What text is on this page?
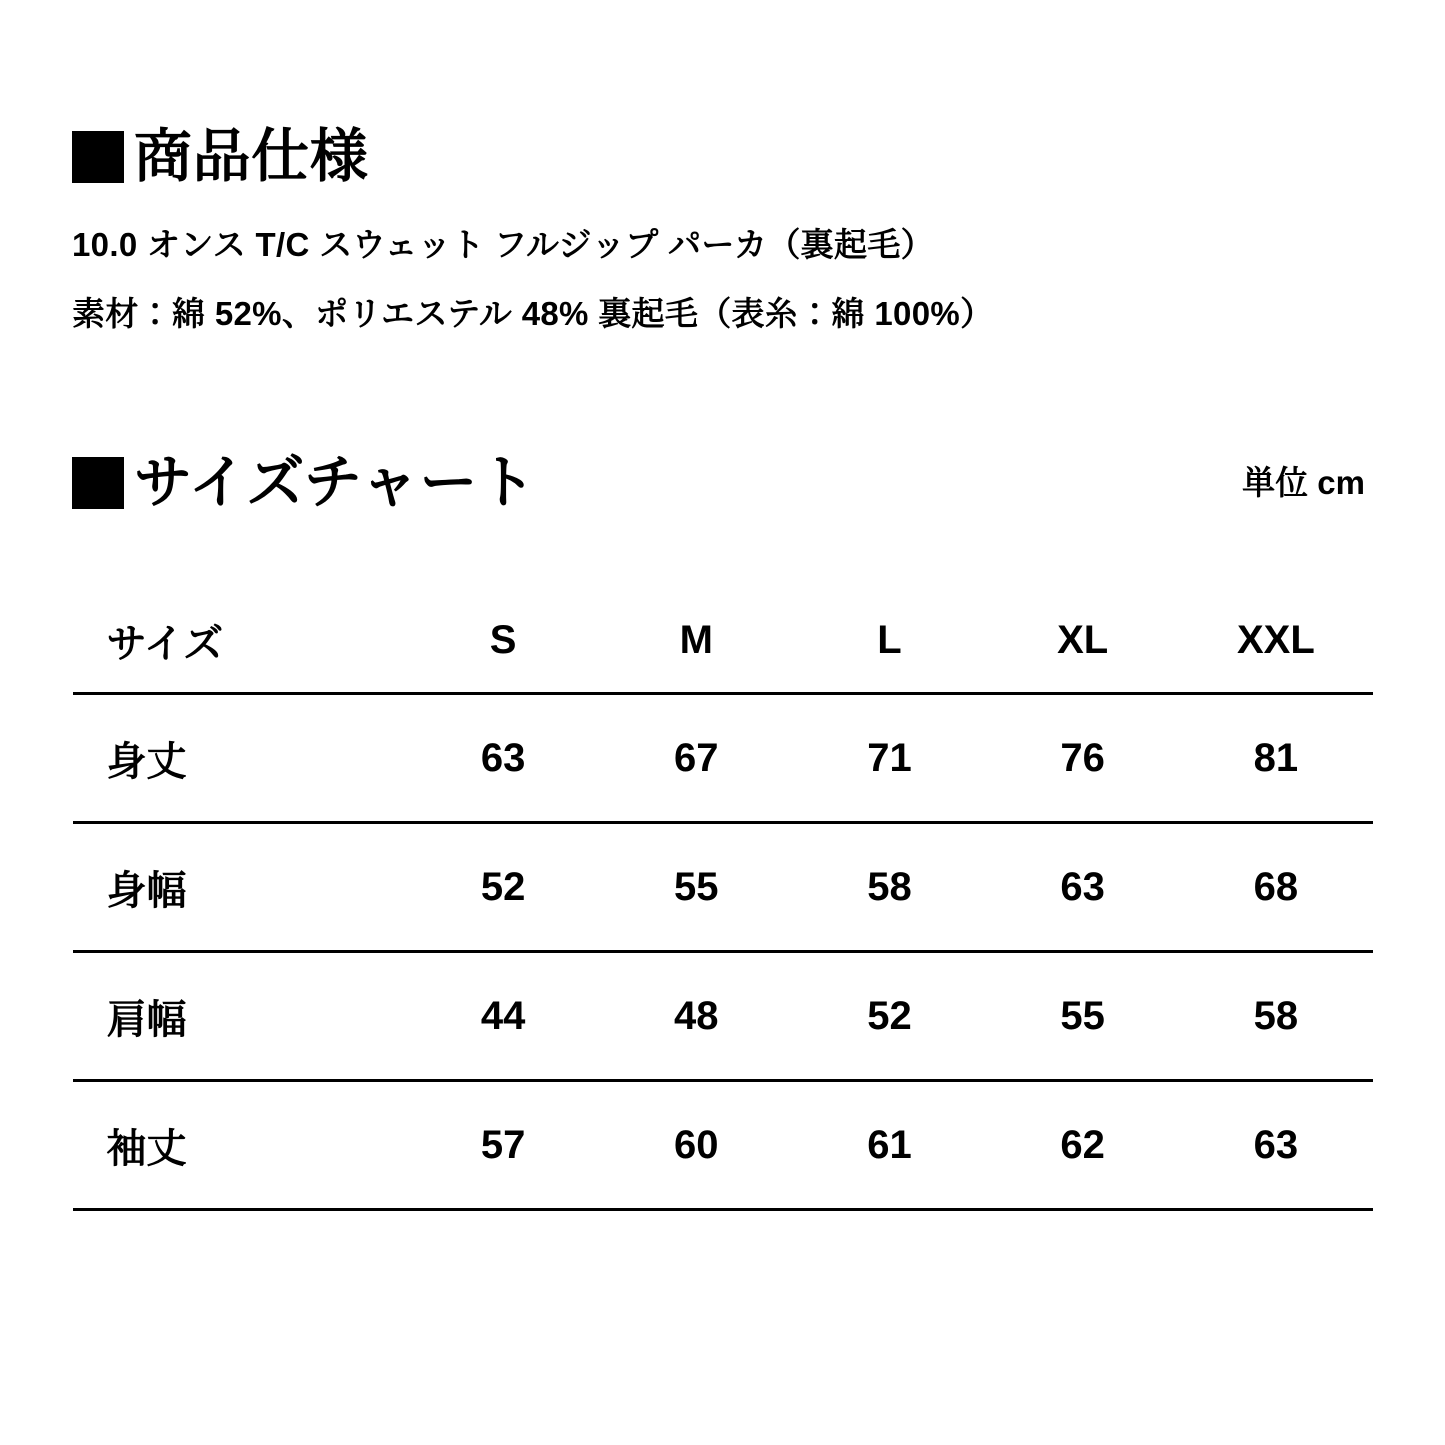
商品仕様
10.0 オンス T/C スウェット フルジップ パーカ（裏起毛）
素材：綿 52%、ポリエステル 48% 裏起毛（表糸：綿 100%）
サイズチャート	単位 cm
サイズ	S	M	L	XL	XXL
身丈	63	67	71	76	81
身幅	52	55	58	63	68
肩幅	44	48	52	55	58
袖丈	57	60	61	62	63
